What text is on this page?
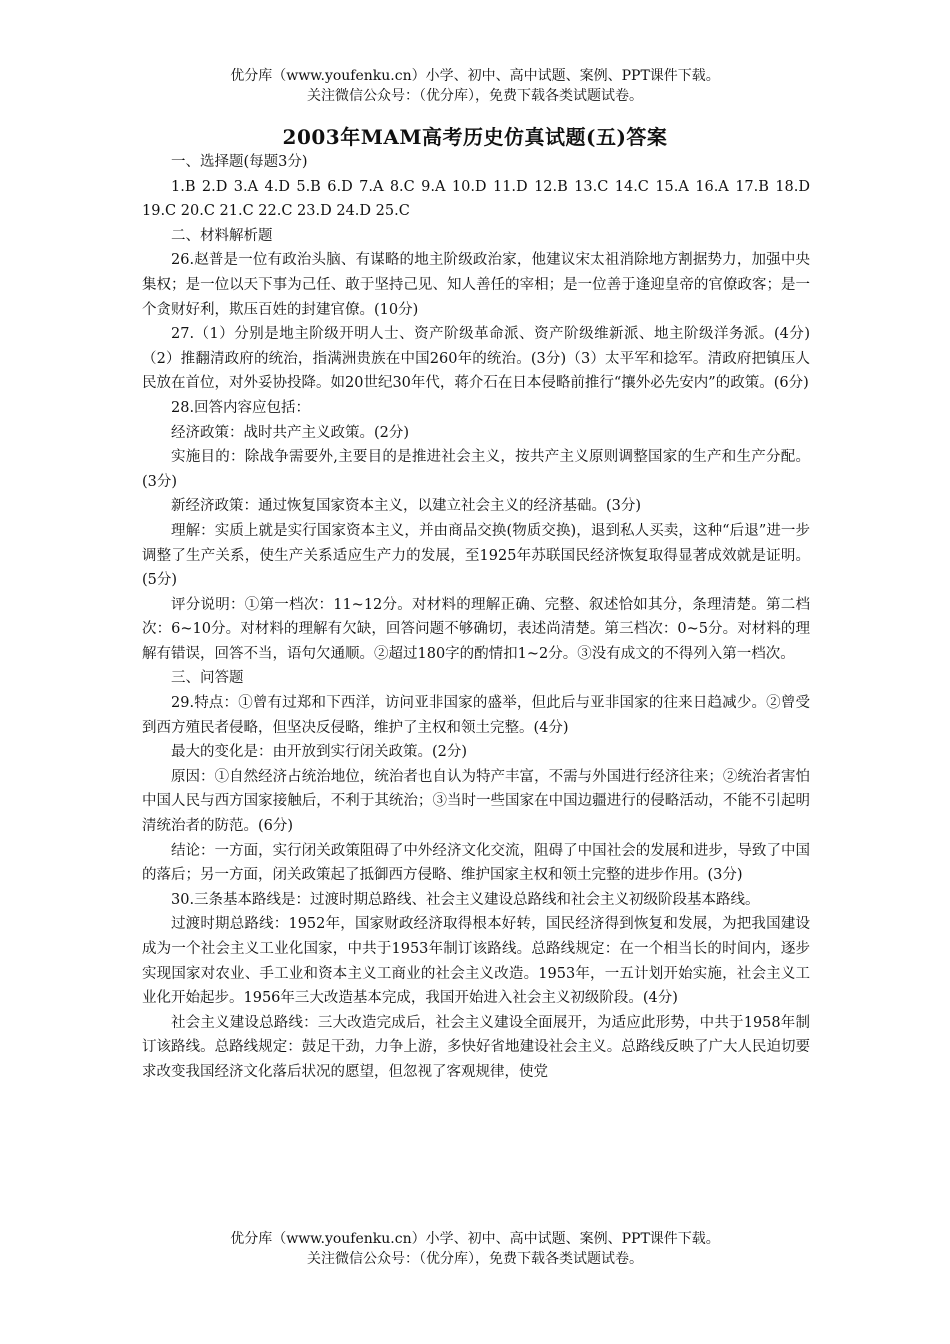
优分库（www.youfenku.cn）小学、初中、高中试题、案例、PPT课件下载。
关注微信公众号：（优分库），免费下载各类试题试卷。
2003年MAM高考历史仿真试题(五)答案

一、选择题(每题3分)

1.B 2.D 3.A 4.D 5.B 6.D 7.A 8.C 9.A 10.D 11.D 12.B 13.C 14.C 15.A 16.A 17.B 18.D 19.C 20.C 21.C 22.C 23.D 24.D 25.C

二、材料解析题

26.赵普是一位有政治头脑、有谋略的地主阶级政治家，他建议宋太祖消除地方割据势力，加强中央集权；是一位以天下事为己任、敢于坚持己见、知人善任的宰相；是一位善于逢迎皇帝的官僚政客；是一个贪财好利，欺压百姓的封建官僚。(10分)

27.（1）分别是地主阶级开明人士、资产阶级革命派、资产阶级维新派、地主阶级洋务派。(4分)（2）推翻清政府的统治，指满洲贵族在中国260年的统治。(3分)（3）太平军和捻军。清政府把镇压人民放在首位，对外妥协投降。如20世纪30年代，蒋介石在日本侵略前推行“攘外必先安内”的政策。(6分)

28.回答内容应包括：

经济政策：战时共产主义政策。(2分)

实施目的：除战争需要外,主要目的是推进社会主义，按共产主义原则调整国家的生产和生产分配。(3分)

新经济政策：通过恢复国家资本主义，以建立社会主义的经济基础。(3分)

理解：实质上就是实行国家资本主义，并由商品交换(物质交换)，退到私人买卖，这种“后退”进一步调整了生产关系，使生产关系适应生产力的发展，至1925年苏联国民经济恢复取得显著成效就是证明。(5分)

评分说明：①第一档次：11~12分。对材料的理解正确、完整、叙述恰如其分，条理清楚。第二档次：6~10分。对材料的理解有欠缺，回答问题不够确切，表述尚清楚。第三档次：0~5分。对材料的理解有错误，回答不当，语句欠通顺。②超过180字的酌情扣1~2分。③没有成文的不得列入第一档次。

三、问答题

29.特点：①曾有过郑和下西洋，访问亚非国家的盛举，但此后与亚非国家的往来日趋减少。②曾受到西方殖民者侵略，但坚决反侵略，维护了主权和领土完整。(4分)

最大的变化是：由开放到实行闭关政策。(2分)

原因：①自然经济占统治地位，统治者也自认为特产丰富，不需与外国进行经济往来；②统治者害怕中国人民与西方国家接触后，不利于其统治；③当时一些国家在中国边疆进行的侵略活动，不能不引起明清统治者的防范。(6分)

结论：一方面，实行闭关政策阻碍了中外经济文化交流，阻碍了中国社会的发展和进步，导致了中国的落后；另一方面，闭关政策起了抵御西方侵略、维护国家主权和领土完整的进步作用。(3分)

30.三条基本路线是：过渡时期总路线、社会主义建设总路线和社会主义初级阶段基本路线。

过渡时期总路线：1952年，国家财政经济取得根本好转，国民经济得到恢复和发展，为把我国建设成为一个社会主义工业化国家，中共于1953年制订该路线。总路线规定：在一个相当长的时间内，逐步实现国家对农业、手工业和资本主义工商业的社会主义改造。1953年，一五计划开始实施，社会主义工业化开始起步。1956年三大改造基本完成，我国开始进入社会主义初级阶段。(4分)

社会主义建设总路线：三大改造完成后，社会主义建设全面展开，为适应此形势，中共于1958年制订该路线。总路线规定：鼓足干劲，力争上游，多快好省地建设社会主义。总路线反映了广大人民迫切要求改变我国经济文化落后状况的愿望，但忽视了客观规律，使党

优分库（www.youfenku.cn）小学、初中、高中试题、案例、PPT课件下载。
关注微信公众号：（优分库），免费下载各类试题试卷。
